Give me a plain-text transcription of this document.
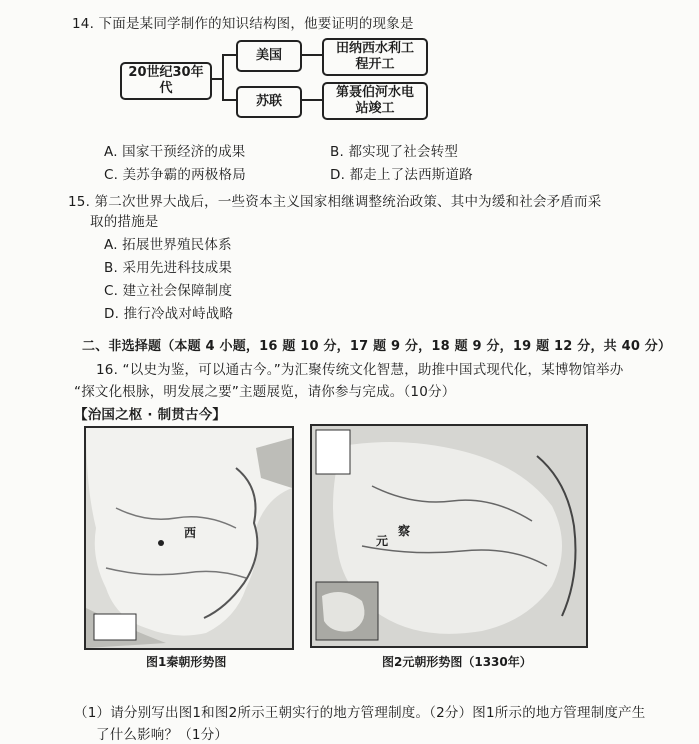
14. 下面是某同学制作的知识结构图，他要证明的现象是
20世纪30年代
美国
苏联
田纳西水利工程开工
第聂伯河水电站竣工
A. 国家干预经济的成果	B. 都实现了社会转型
C. 美苏争霸的两极格局	D. 都走上了法西斯道路
15. 第二次世界大战后，一些资本主义国家相继调整统治政策、其中为缓和社会矛盾而采
取的措施是
A. 拓展世界殖民体系
B. 采用先进科技成果
C. 建立社会保障制度
D. 推行冷战对峙战略
二、非选择题（本题 4 小题，16 题 10 分，17 题 9 分，18 题 9 分，19 题 12 分，共 40 分）
16. “以史为鉴，可以通古今。”为汇聚传统文化智慧，助推中国式现代化，某博物馆举办
“探文化根脉，明发展之要”主题展览，请你参与完成。（10分）
【治国之枢 · 制贯古今】
西
元
察
图1秦朝形势图	图2元朝形势图（1330年）
（1）请分别写出图1和图2所示王朝实行的地方管理制度。（2分）图1所示的地方管理制度产生
了什么影响？（1分）
